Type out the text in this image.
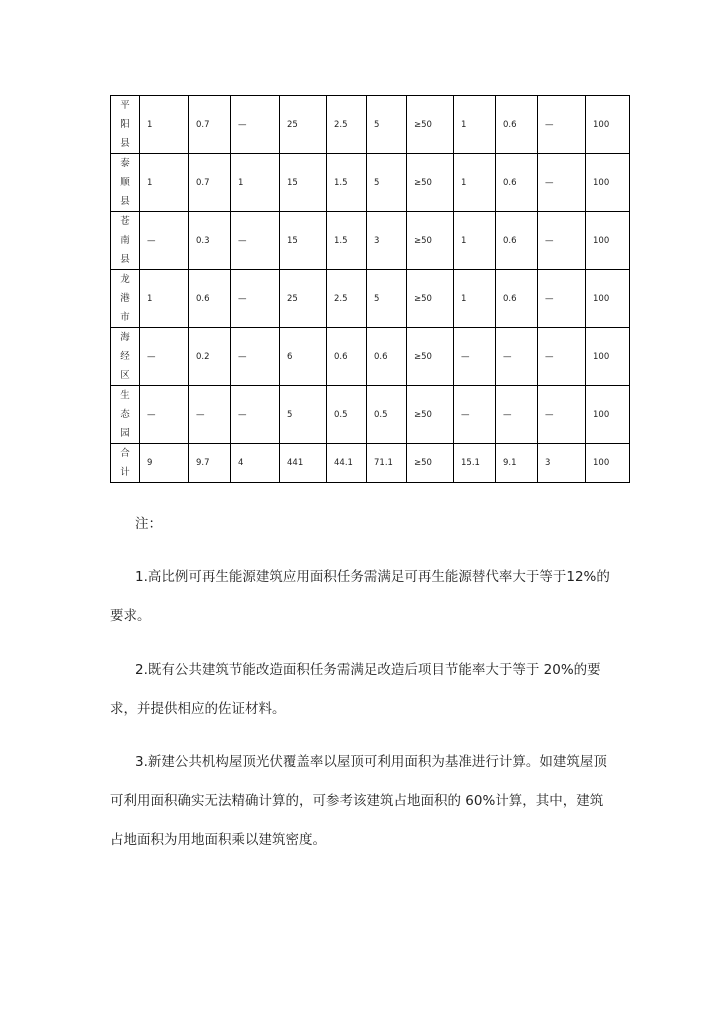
平
阳
县	1	0.7	—	25	2.5	5	≥50	1	0.6	—	100

泰
顺
县	1	0.7	1	15	1.5	5	≥50	1	0.6	—	100

苍
南
县	—	0.3	—	15	1.5	3	≥50	1	0.6	—	100

龙
港
市	1	0.6	—	25	2.5	5	≥50	1	0.6	—	100

海
经
区	—	0.2	—	6	0.6	0.6	≥50	—	—	—	100

生
态
园	—	—	—	5	0.5	0.5	≥50	—	—	—	100

合
计	9	9.7	4	441	44.1	71.1	≥50	15.1	9.1	3	100
注：
1.高比例可再生能源建筑应用面积任务需满足可再生能源替代率大于等于12%的要求。
2.既有公共建筑节能改造面积任务需满足改造后项目节能率大于等于 20%的要求，并提供相应的佐证材料。
3.新建公共机构屋顶光伏覆盖率以屋顶可利用面积为基准进行计算。如建筑屋顶可利用面积确实无法精确计算的，可参考该建筑占地面积的 60%计算，其中，建筑占地面积为用地面积乘以建筑密度。
